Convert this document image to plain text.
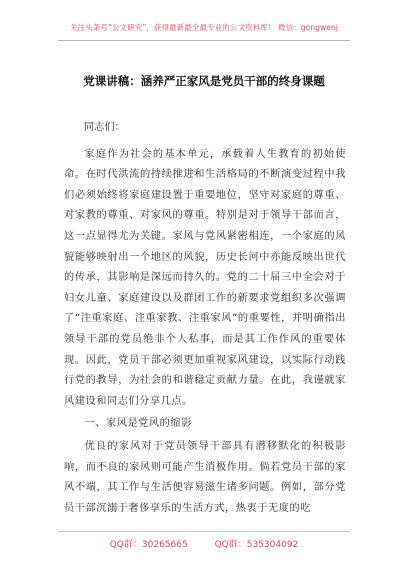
关注头条号“公文研究”，获得最新最全最专业的公文资料库！ 微信：gongwenj
党课讲稿：涵养严正家风是党员干部的终身课题

同志们：

家庭作为社会的基本单元，承载着人生教育的初始使命。在时代洪流的持续推进和生活格局的不断演变过程中我们必须始终将家庭建设置于重要地位，坚守对家庭的尊重、对家教的尊重、对家风的尊重。特别是对于领导干部而言，这一点显得尤为关键。家风与党风紧密相连，一个家庭的风貌能够映射出一个地区的风貌，历史长河中亦能反映出世代的传承，其影响是深远而持久的。党的二十届三中全会对于妇女儿童、家庭建设以及群团工作的新要求党组织多次强调了“注重家庭、注重家教、注重家风”的重要性，并明确指出领导干部的党员绝非个人私事，而是其工作作风的重要体现。因此，党员干部必须更加重视家风建设，以实际行动践行党的教导，为社会的和谐稳定贡献力量。在此，我谨就家风建设和同志们分享几点。

一、家风是党风的缩影

优良的家风对于党员领导干部具有潜移默化的积极影响，而不良的家风则可能产生消极作用。倘若党员干部的家风不端，其工作与生活便容易滋生诸多问题。例如，部分党员干部沉溺于奢侈享乐的生活方式，热衷于无度的吃

QQ群：30265665	QQ群：535304092
